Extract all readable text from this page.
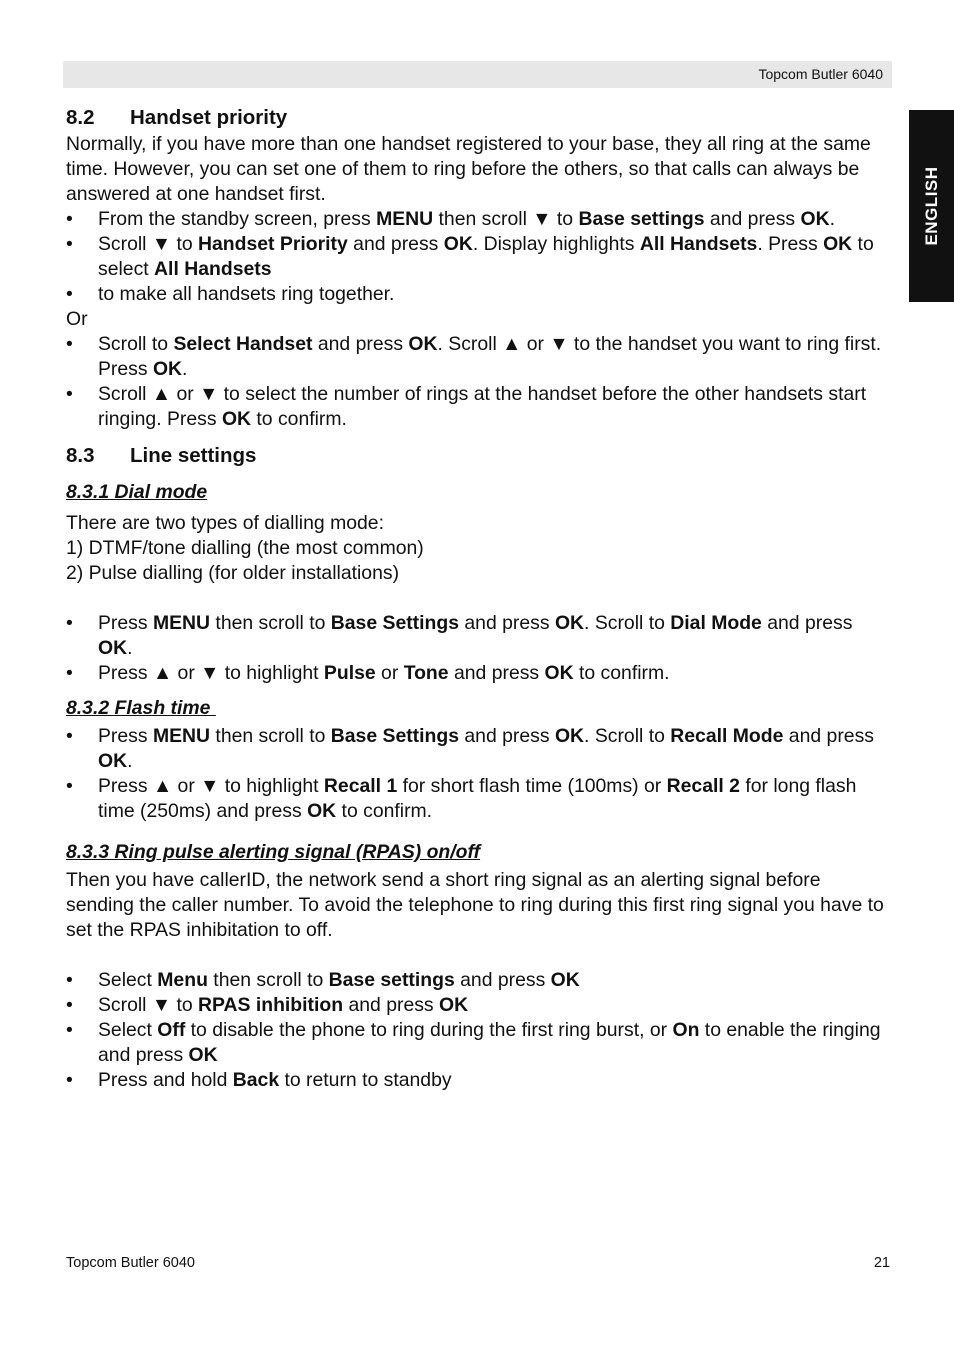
Topcom Butler 6040
ENGLISH
8.2 Handset priority

Normally, if you have more than one handset registered to your base, they all ring at the same time. However, you can set one of them to ring before the others, so that calls can always be answered at one handset first.

• From the standby screen, press MENU then scroll ▼ to Base settings and press OK.
• Scroll ▼ to Handset Priority and press OK. Display highlights All Handsets. Press OK to select All Handsets
• to make all handsets ring together.

Or

• Scroll to Select Handset and press OK. Scroll ▲ or ▼ to the handset you want to ring first. Press OK.
• Scroll ▲ or ▼ to select the number of rings at the handset before the other handsets start ringing. Press OK to confirm.
8.3 Line settings
8.3.1 Dial mode

There are two types of dialling mode:

1) DTMF/tone dialling (the most common)

2) Pulse dialling (for older installations)

• Press MENU then scroll to Base Settings and press OK. Scroll to Dial Mode and press OK.
• Press ▲ or ▼ to highlight Pulse or Tone and press OK to confirm.
8.3.2 Flash time
• Press MENU then scroll to Base Settings and press OK. Scroll to Recall Mode and press OK.
• Press ▲ or ▼ to highlight Recall 1 for short flash time (100ms) or Recall 2 for long flash time (250ms) and press OK to confirm.
8.3.3 Ring pulse alerting signal (RPAS) on/off

Then you have callerID, the network send a short ring signal as an alerting signal before sending the caller number. To avoid the telephone to ring during this first ring signal you have to set the RPAS inhibitation to off.

• Select Menu then scroll to Base settings and press OK
• Scroll ▼ to RPAS inhibition and press OK
• Select Off to disable the phone to ring during the first ring burst, or On to enable the ringing and press OK
• Press and hold Back to return to standby
Topcom Butler 6040	21
